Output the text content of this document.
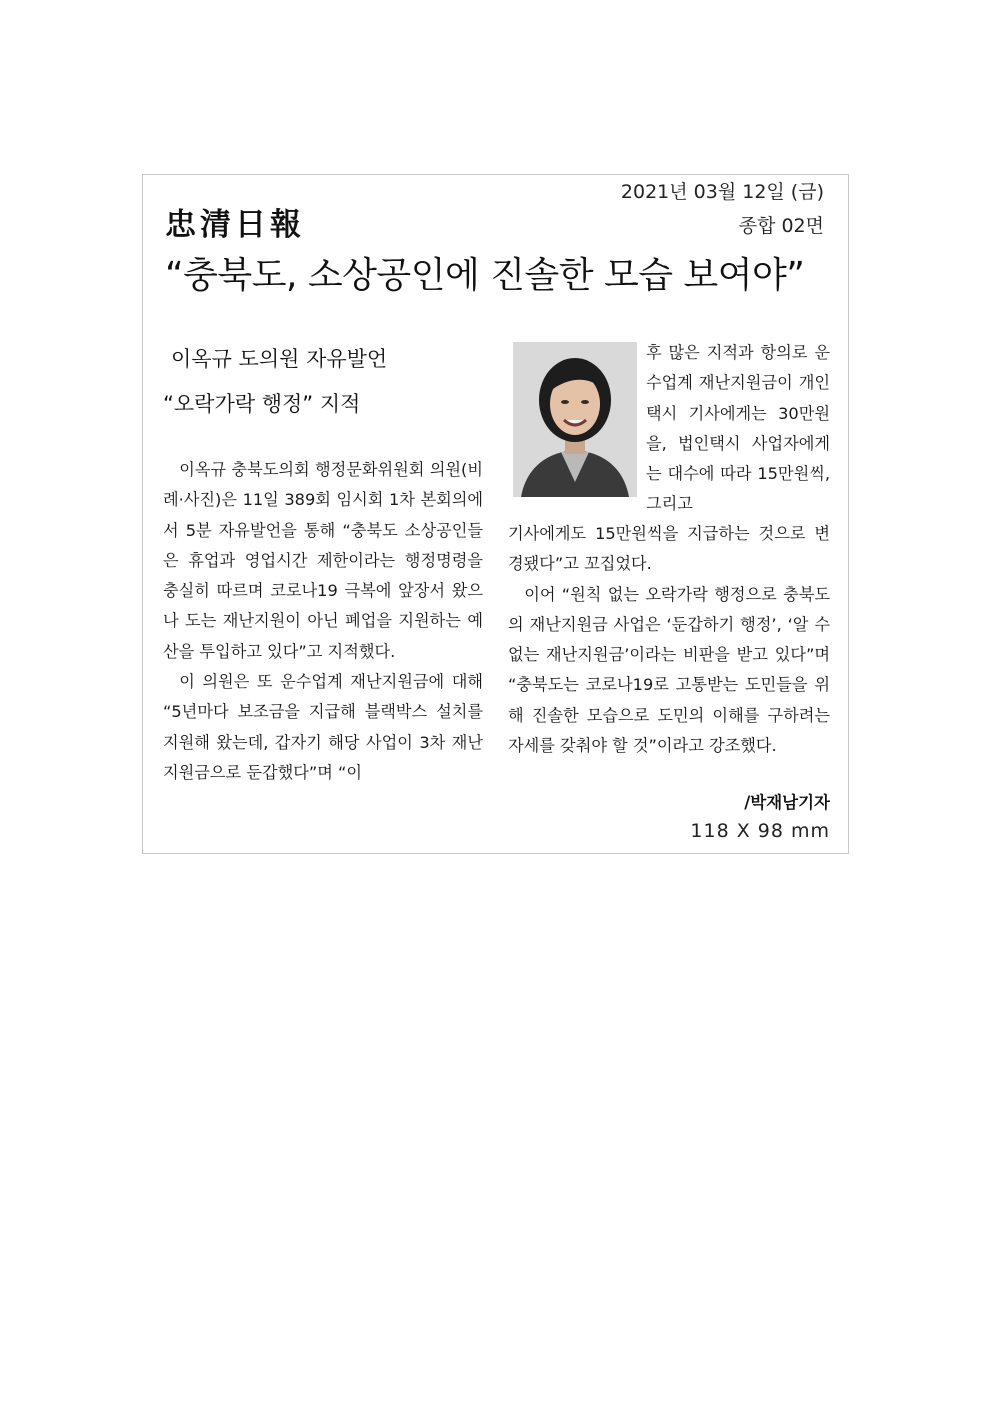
忠清日報
2021년 03월 12일 (금)
종합 02면
“충북도, 소상공인에 진솔한 모습 보여야”
이옥규 도의원 자유발언
“오락가락 행정” 지적

이옥규 충북도의회 행정문화위원회 의원(비례·사진)은 11일 389회 임시회 1차 본회의에서 5분 자유발언을 통해 “충북도 소상공인들은 휴업과 영업시간 제한이라는 행정명령을 충실히 따르며 코로나19 극복에 앞장서 왔으나 도는 재난지원이 아닌 폐업을 지원하는 예산을 투입하고 있다”고 지적했다.

이 의원은 또 운수업계 재난지원금에 대해 “5년마다 보조금을 지급해 블랙박스 설치를 지원해 왔는데, 갑자기 해당 사업이 3차 재난지원금으로 둔갑했다”며 “이

후 많은 지적과 항의로 운수업계 재난지원금이 개인택시 기사에게는 30만원을, 법인택시 사업자에게는 대수에 따라 15만원씩, 그리고

기사에게도 15만원씩을 지급하는 것으로 변경됐다”고 꼬집었다.

이어 “원칙 없는 오락가락 행정으로 충북도의 재난지원금 사업은 ‘둔갑하기 행정’, ‘알 수 없는 재난지원금’이라는 비판을 받고 있다”며 “충북도는 코로나19로 고통받는 도민들을 위해 진솔한 모습으로 도민의 이해를 구하려는 자세를 갖춰야 할 것”이라고 강조했다.

/박재남기자
118 X 98 mm
